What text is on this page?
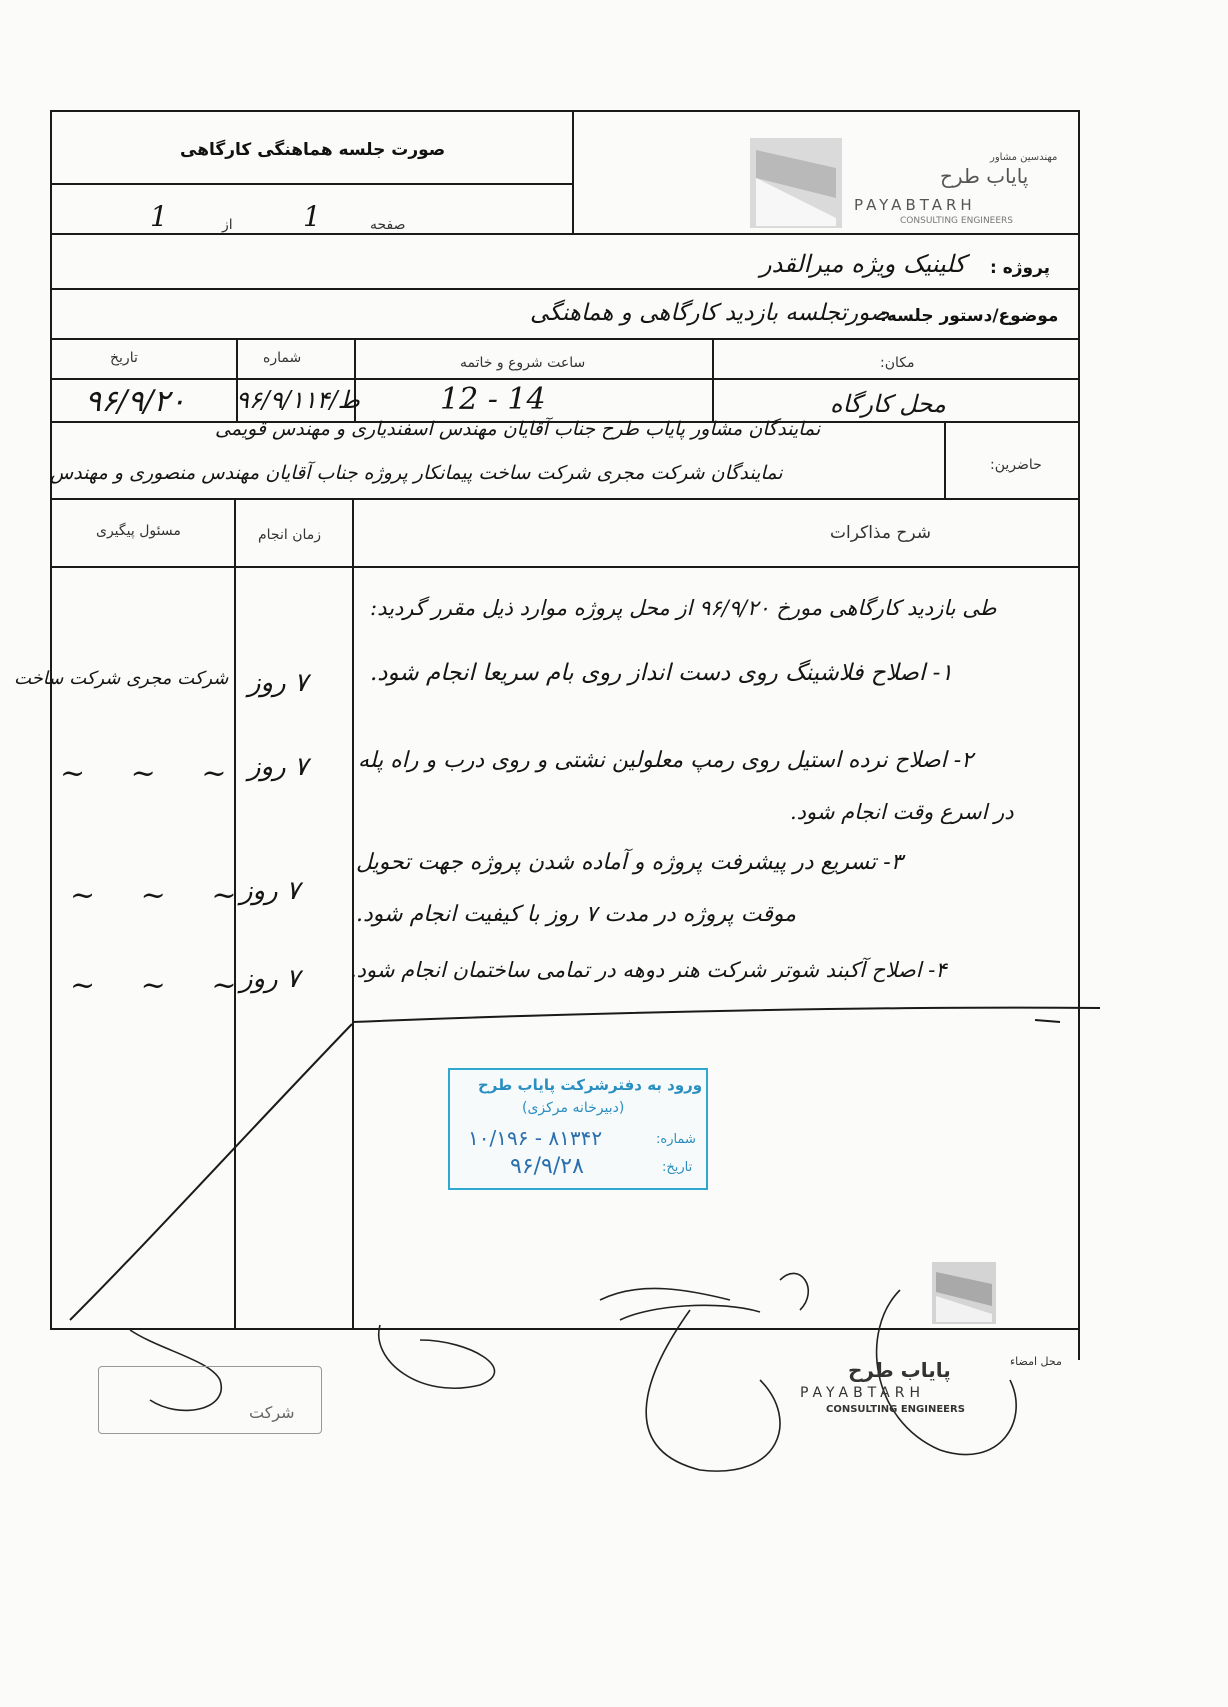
صورت جلسه هماهنگی کارگاهی
صفحه
1
از
1
مهندسین مشاور
پایاب طرح
PAYABTARH
CONSULTING ENGINEERS
پروژه :
کلینیک ویژه میرالقدر
موضوع/دستور جلسه:
صورتجلسه بازدید کارگاهی و هماهنگی
مکان:
ساعت شروع و خاتمه
شماره
تاریخ
محل کارگاه
12 - 14
۹۶/۹/ط/۱۱۴
۹۶/۹/۲۰
حاضرین:
نمایندگان مشاور پایاب طرح جناب آقایان مهندس اسفندیاری و مهندس قویمی
نمایندگان شرکت مجری شرکت ساخت پیمانکار پروژه جناب آقایان مهندس منصوری و مهندس
شرح مذاکرات
زمان انجام
مسئول پیگیری
طی بازدید کارگاهی مورخ ۹۶/۹/۲۰ از محل پروژه موارد ذیل مقرر گردید:
۱- اصلاح فلاشینگ روی دست انداز روی بام سریعا انجام شود.
۷ روز
شرکت مجری شرکت ساخت
۲- اصلاح نرده استیل روی رمپ معلولین نشتی و روی درب و راه پله
در اسرع وقت انجام شود.
۷ روز
~ ~ ~
۳- تسریع در پیشرفت پروژه و آماده شدن پروژه جهت تحویل
موقت پروژه در مدت ۷ روز با کیفیت انجام شود.
۷ روز
~ ~ ~
۴- اصلاح آکبند شوتر شرکت هنر دوهه در تمامی ساختمان انجام شود.
۷ روز
~ ~ ~
ورود به دفترشرکت پایاب طرح
(دبیرخانه مرکزی)
شماره:
۱۰/۱۹۶ - ۸۱۳۴۲
تاریخ:
۹۶/۹/۲۸
محل امضاء
پایاب طرح
PAYABTARH
CONSULTING ENGINEERS
شرکت
